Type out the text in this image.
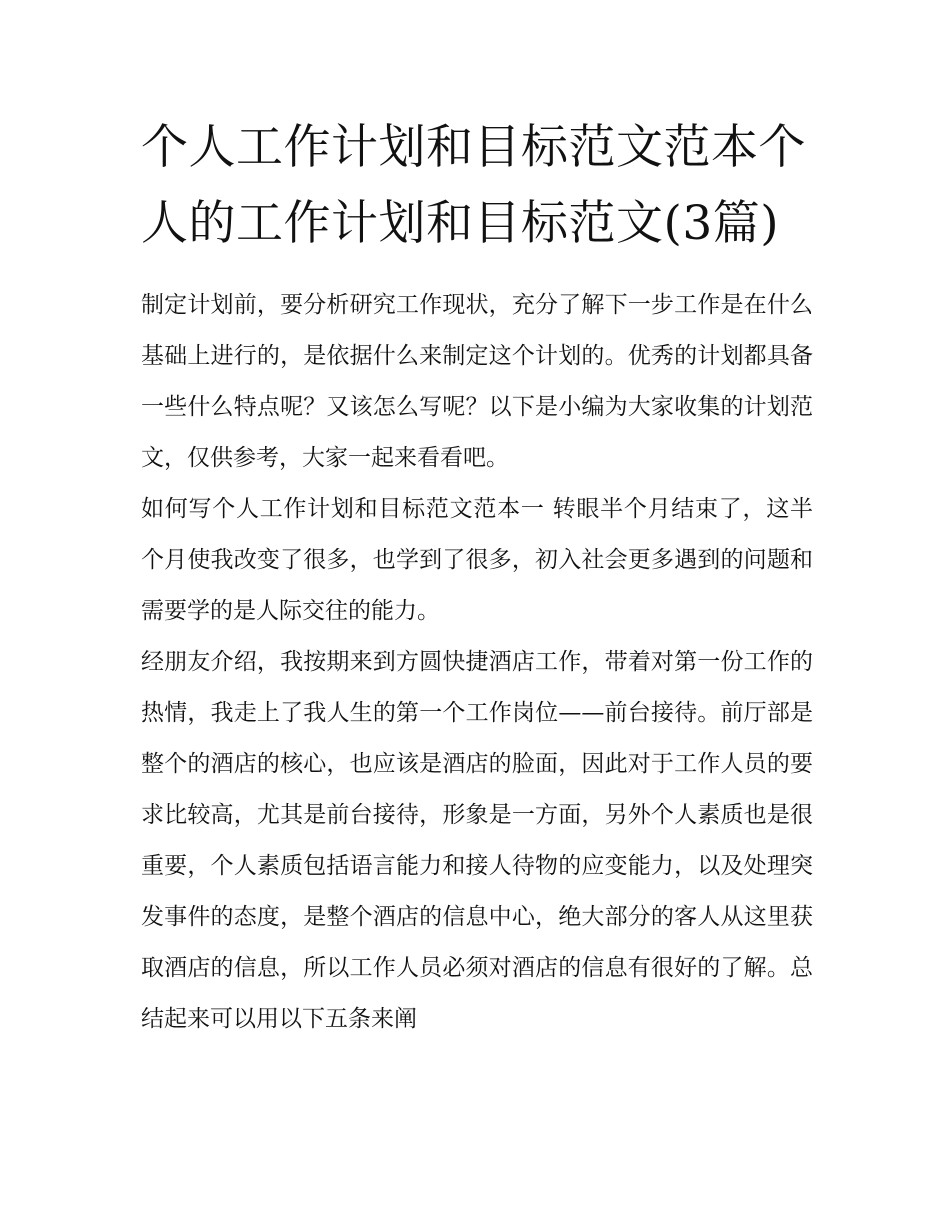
个人工作计划和目标范文范本个人的工作计划和目标范文(3篇)

制定计划前，要分析研究工作现状，充分了解下一步工作是在什么基础上进行的，是依据什么来制定这个计划的。优秀的计划都具备一些什么特点呢？又该怎么写呢？以下是小编为大家收集的计划范文，仅供参考，大家一起来看看吧。

如何写个人工作计划和目标范文范本一 转眼半个月结束了，这半个月使我改变了很多，也学到了很多，初入社会更多遇到的问题和需要学的是人际交往的能力。

经朋友介绍，我按期来到方圆快捷酒店工作，带着对第一份工作的热情，我走上了我人生的第一个工作岗位——前台接待。前厅部是整个的酒店的核心，也应该是酒店的脸面，因此对于工作人员的要求比较高，尤其是前台接待，形象是一方面，另外个人素质也是很重要，个人素质包括语言能力和接人待物的应变能力，以及处理突发事件的态度，是整个酒店的信息中心，绝大部分的客人从这里获取酒店的信息，所以工作人员必须对酒店的信息有很好的了解。总结起来可以用以下五条来阐
